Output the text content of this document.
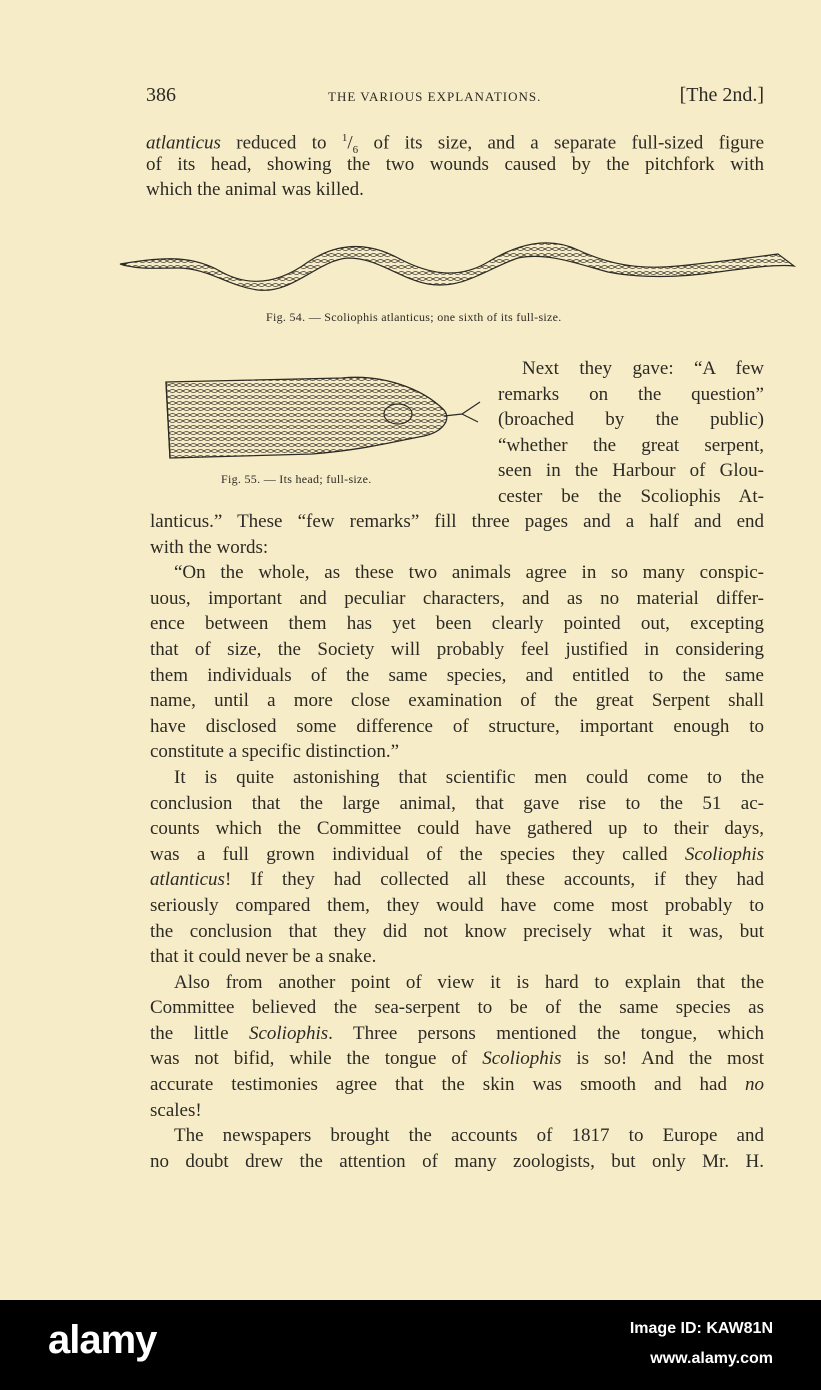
386	THE VARIOUS EXPLANATIONS.	[The 2nd.]
atlanticus reduced to $^1/_6$ of its size, and a separate full-sized figure
of its head, showing the two wounds caused by the pitchfork with
which the animal was killed.
Fig. 54. — Scoliophis atlanticus; one sixth of its full-size.
Fig. 55. — Its head; full-size.
Next they gave: “A few
remarks on the question”
(broached by the public)
“whether the great serpent,
seen in the Harbour of Glou-
cester be the Scoliophis At-
lanticus.” These “few remarks” fill three pages and a half and end
with the words:
“On the whole, as these two animals agree in so many conspic-
uous, important and peculiar characters, and as no material differ-
ence between them has yet been clearly pointed out, excepting
that of size, the Society will probably feel justified in considering
them individuals of the same species, and entitled to the same
name, until a more close examination of the great Serpent shall
have disclosed some difference of structure, important enough to
constitute a specific distinction.”
It is quite astonishing that scientific men could come to the
conclusion that the large animal, that gave rise to the 51 ac-
counts which the Committee could have gathered up to their days,
was a full grown individual of the species they called Scoliophis
atlanticus! If they had collected all these accounts, if they had
seriously compared them, they would have come most probably to
the conclusion that they did not know precisely what it was, but
that it could never be a snake.
Also from another point of view it is hard to explain that the
Committee believed the sea-serpent to be of the same species as
the little Scoliophis. Three persons mentioned the tongue, which
was not bifid, while the tongue of Scoliophis is so! And the most
accurate testimonies agree that the skin was smooth and had no
scales!
The newspapers brought the accounts of 1817 to Europe and
no doubt drew the attention of many zoologists, but only Mr. H.
alamy	Image ID: KAW81N
www.alamy.com
